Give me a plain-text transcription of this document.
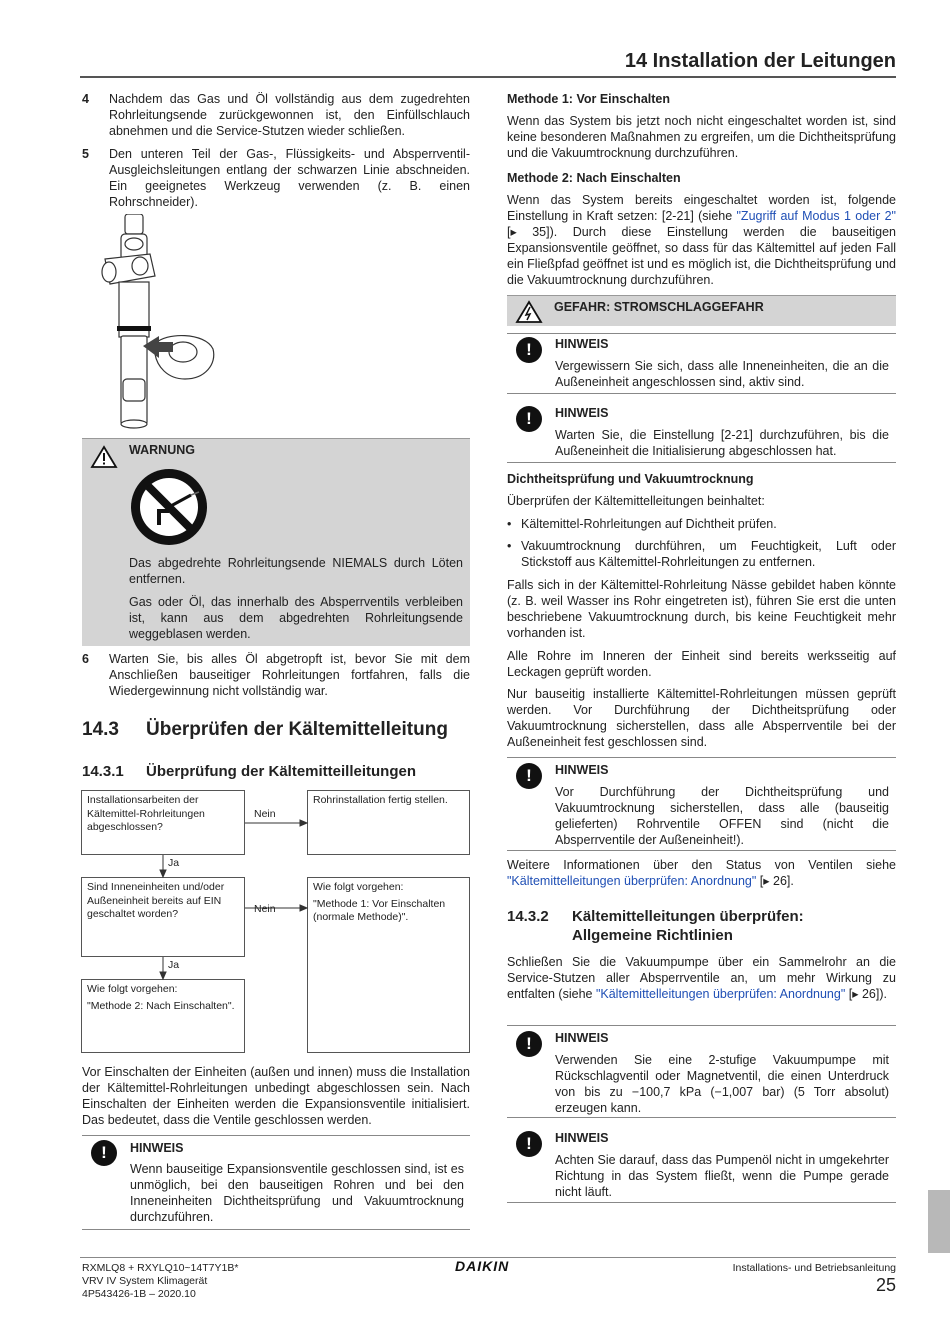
14 Installation der Leitungen
4	Nachdem das Gas und Öl vollständig aus dem zugedrehten Rohrleitungsende zurückgewonnen ist, den Einfüllschlauch abnehmen und die Service-Stutzen wieder schließen.
5	Den unteren Teil der Gas-, Flüssigkeits- und Absperrventil-Ausgleichsleitungen entlang der schwarzen Linie abschneiden. Ein geeignetes Werkzeug verwenden (z. B. einen Rohrschneider).
WARNUNG
Das abgedrehte Rohrleitungsende NIEMALS durch Löten entfernen.
Gas oder Öl, das innerhalb des Absperrventils verbleiben ist, kann aus dem abgedrehten Rohrleitungsende weggeblasen werden.
6	Warten Sie, bis alles Öl abgetropft ist, bevor Sie mit dem Anschließen bauseitiger Rohrleitungen fortfahren, falls die Wiedergewinnung nicht vollständig war.
14.3 Überprüfen der Kältemittelleitung
14.3.1 Überprüfung der Kältemitteilleitungen
Installationsarbeiten der Kältemittel-Rohrleitungen abgeschlossen?
Rohrinstallation fertig stellen.
Sind Inneneinheiten und/oder Außeneinheit bereits auf EIN geschaltet worden?
Wie folgt vorgehen:
"Methode 1: Vor Einschalten (normale Methode)".
Wie folgt vorgehen:
"Methode 2: Nach Einschalten".
Nein
Nein
Ja
Ja
Vor Einschalten der Einheiten (außen und innen) muss die Installation der Kältemittel-Rohrleitungen unbedingt abgeschlossen sein. Nach Einschalten der Einheiten werden die Expansionsventile initialisiert. Das bedeutet, dass die Ventile geschlossen werden.
!	HINWEIS
Wenn bauseitige Expansionsventile geschlossen sind, ist es unmöglich, bei den bauseitigen Rohren und bei den Inneneinheiten Dichtheitsprüfung und Vakuumtrocknung durchzuführen.
Methode 1: Vor Einschalten
Wenn das System bis jetzt noch nicht eingeschaltet worden ist, sind keine besonderen Maßnahmen zu ergreifen, um die Dichtheitsprüfung und die Vakuumtrocknung durchzuführen.
Methode 2: Nach Einschalten
Wenn das System bereits eingeschaltet worden ist, folgende Einstellung in Kraft setzen: [2-21] (siehe "Zugriff auf Modus 1 oder 2" [▸ 35]). Durch diese Einstellung werden die bauseitigen Expansionsventile geöffnet, so dass für das Kältemittel auf jeden Fall ein Fließpfad geöffnet ist und es möglich ist, die Dichtheitsprüfung und die Vakuumtrocknung durchzuführen.
GEFAHR: STROMSCHLAGGEFAHR
!	HINWEIS
Vergewissern Sie sich, dass alle Inneneinheiten, die an die Außeneinheit angeschlossen sind, aktiv sind.
!	HINWEIS
Warten Sie, die Einstellung [2-21] durchzuführen, bis die Außeneinheit die Initialisierung abgeschlossen hat.
Dichtheitsprüfung und Vakuumtrocknung
Überprüfen der Kältemittelleitungen beinhaltet:
• Kältemittel-Rohrleitungen auf Dichtheit prüfen.
• Vakuumtrocknung durchführen, um Feuchtigkeit, Luft oder Stickstoff aus Kältemittel-Rohrleitungen zu entfernen.
Falls sich in der Kältemittel-Rohrleitung Nässe gebildet haben könnte (z. B. weil Wasser ins Rohr eingetreten ist), führen Sie erst die unten beschriebene Vakuumtrocknung durch, bis keine Feuchtigkeit mehr vorhanden ist.
Alle Rohre im Inneren der Einheit sind bereits werksseitig auf Leckagen geprüft worden.
Nur bauseitig installierte Kältemittel-Rohrleitungen müssen geprüft werden. Vor Durchführung der Dichtheitsprüfung oder Vakuumtrocknung sicherstellen, dass alle Absperrventile bei der Außeneinheit fest geschlossen sind.
!	HINWEIS
Vor Durchführung der Dichtheitsprüfung und Vakuumtrocknung sicherstellen, dass alle (bauseitig gelieferten) Rohrventile OFFEN sind (nicht die Absperrventile der Außeneinheit!).
Weitere Informationen über den Status von Ventilen siehe "Kältemittelleitungen überprüfen: Anordnung" [▸ 26].
14.3.2 Kältemittelleitungen überprüfen:
Allgemeine Richtlinien
Schließen Sie die Vakuumpumpe über ein Sammelrohr an die Service-Stutzen aller Absperrventile an, um mehr Wirkung zu entfalten (siehe "Kältemittelleitungen überprüfen: Anordnung" [▸ 26]).
!	HINWEIS
Verwenden Sie eine 2-stufige Vakuumpumpe mit Rückschlagventil oder Magnetventil, die einen Unterdruck von bis zu −100,7 kPa (−1,007 bar) (5 Torr absolut) erzeugen kann.
!	HINWEIS
Achten Sie darauf, dass das Pumpenöl nicht in umgekehrter Richtung in das System fließt, wenn die Pumpe gerade nicht läuft.
RXMLQ8 + RXYLQ10~14T7Y1B*
VRV IV System Klimagerät
4P543426-1B – 2020.10
DAIKIN	Installations- und Betriebsanleitung
25
